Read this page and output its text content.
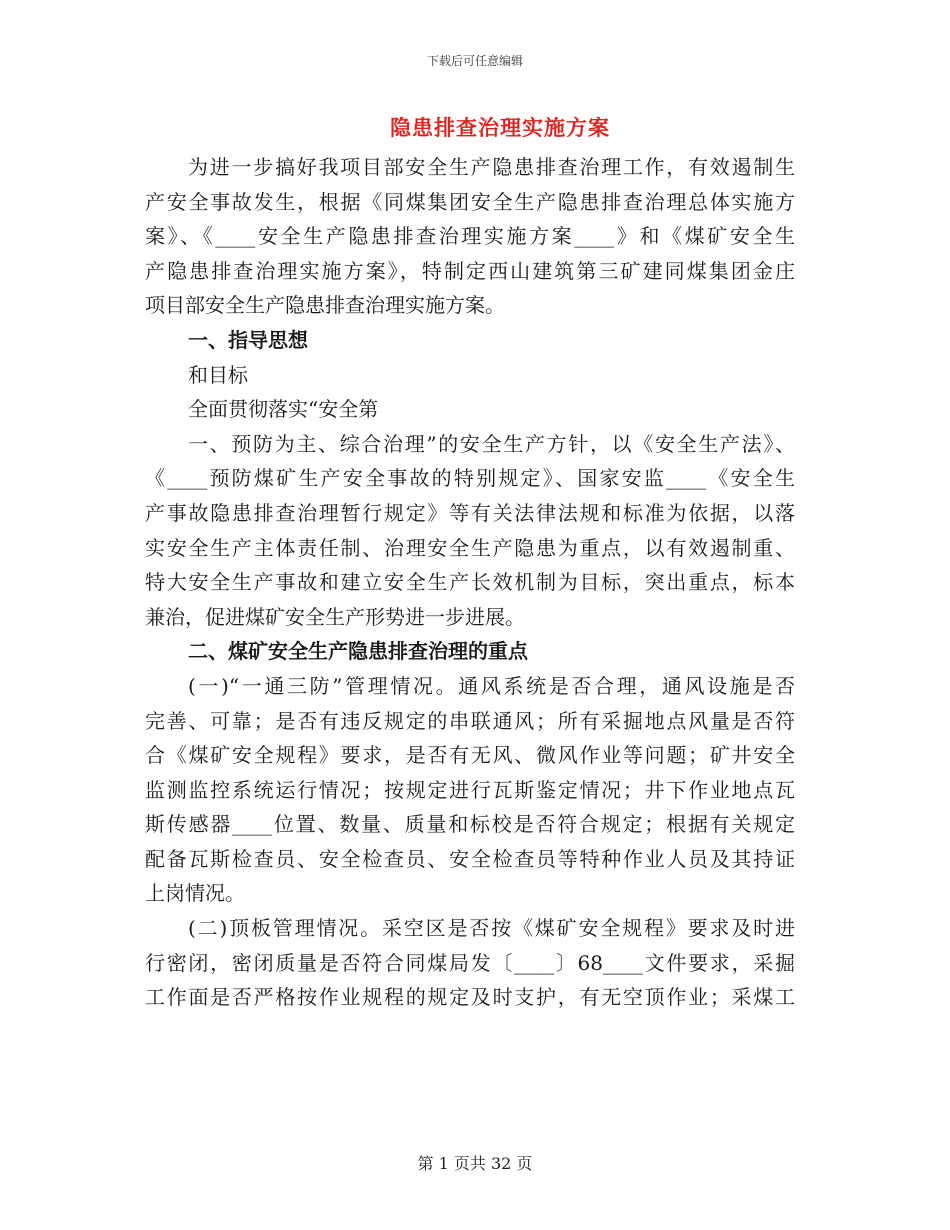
下载后可任意编辑
隐患排查治理实施方案
为进一步搞好我项目部安全生产隐患排查治理工作，有效遏制生
产安全事故发生，根据《同煤集团安全生产隐患排查治理总体实施方
案》、《____安全生产隐患排查治理实施方案____》和《煤矿安全生
产隐患排查治理实施方案》，特制定西山建筑第三矿建同煤集团金庄
项目部安全生产隐患排查治理实施方案。
一、指导思想
和目标
全面贯彻落实“安全第
一、预防为主、综合治理”的安全生产方针，以《安全生产法》、
《____预防煤矿生产安全事故的特别规定》、国家安监____《安全生
产事故隐患排查治理暂行规定》等有关法律法规和标准为依据，以落
实安全生产主体责任制、治理安全生产隐患为重点，以有效遏制重、
特大安全生产事故和建立安全生产长效机制为目标，突出重点，标本
兼治，促进煤矿安全生产形势进一步进展。
二、煤矿安全生产隐患排查治理的重点
(一)“一通三防”管理情况。通风系统是否合理，通风设施是否
完善、可靠；是否有违反规定的串联通风；所有采掘地点风量是否符
合《煤矿安全规程》要求，是否有无风、微风作业等问题；矿井安全
监测监控系统运行情况；按规定进行瓦斯鉴定情况；井下作业地点瓦
斯传感器____位置、数量、质量和标校是否符合规定；根据有关规定
配备瓦斯检查员、安全检查员、安全检查员等特种作业人员及其持证
上岗情况。
(二)顶板管理情况。采空区是否按《煤矿安全规程》要求及时进
行密闭，密闭质量是否符合同煤局发〔____〕68____文件要求，采掘
工作面是否严格按作业规程的规定及时支护，有无空顶作业；采煤工
第 1 页共 32 页
